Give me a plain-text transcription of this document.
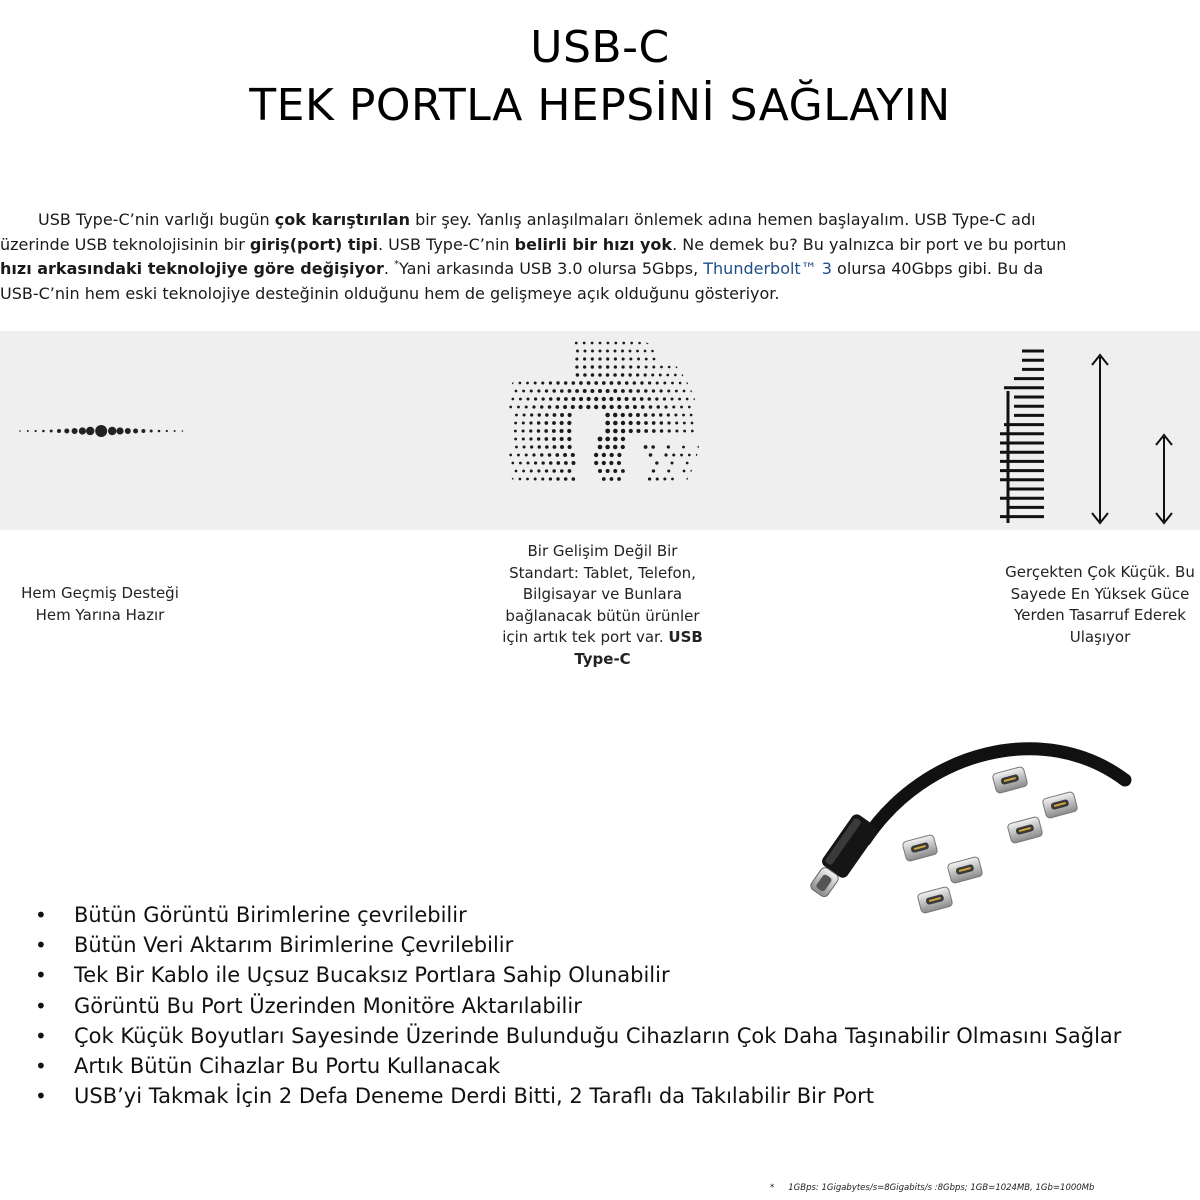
USB-C
TEK PORTLA HEPSİNİ SAĞLAYIN
USB Type-C’nin varlığı bugün çok karıştırılan bir şey. Yanlış anlaşılmaları önlemek adına hemen başlayalım. USB Type-C adı
üzerinde USB teknolojisinin bir giriş(port) tipi. USB Type-C’nin belirli bir hızı yok. Ne demek bu? Bu yalnızca bir port ve bu portun
hızı arkasındaki teknolojiye göre değişiyor. *Yani arkasında USB 3.0 olursa 5Gbps, Thunderbolt™ 3 olursa 40Gbps gibi. Bu da
USB-C’nin hem eski teknolojiye desteğinin olduğunu hem de gelişmeye açık olduğunu gösteriyor.
Hem Geçmiş Desteği
Hem Yarına Hazır
Bir Gelişim Değil Bir Standart: Tablet, Telefon, Bilgisayar ve Bunlara bağlanacak bütün ürünler için artık tek port var. USB Type-C
Gerçekten Çok Küçük. Bu
Sayede En Yüksek Güce
Yerden Tasarruf Ederek
Ulaşıyor
• Bütün Görüntü Birimlerine çevrilebilir
• Bütün Veri Aktarım Birimlerine Çevrilebilir
• Tek Bir Kablo ile Uçsuz Bucaksız Portlara Sahip Olunabilir
• Görüntü Bu Port Üzerinden Monitöre Aktarılabilir
• Çok Küçük Boyutları Sayesinde Üzerinde Bulunduğu Cihazların Çok Daha Taşınabilir Olmasını Sağlar
• Artık Bütün Cihazlar Bu Portu Kullanacak
• USB’yi Takmak İçin 2 Defa Deneme Derdi Bitti, 2 Taraflı da Takılabilir Bir Port
* 1GBps: 1Gigabytes/s=8Gigabits/s :8Gbps; 1GB=1024MB, 1Gb=1000Mb
